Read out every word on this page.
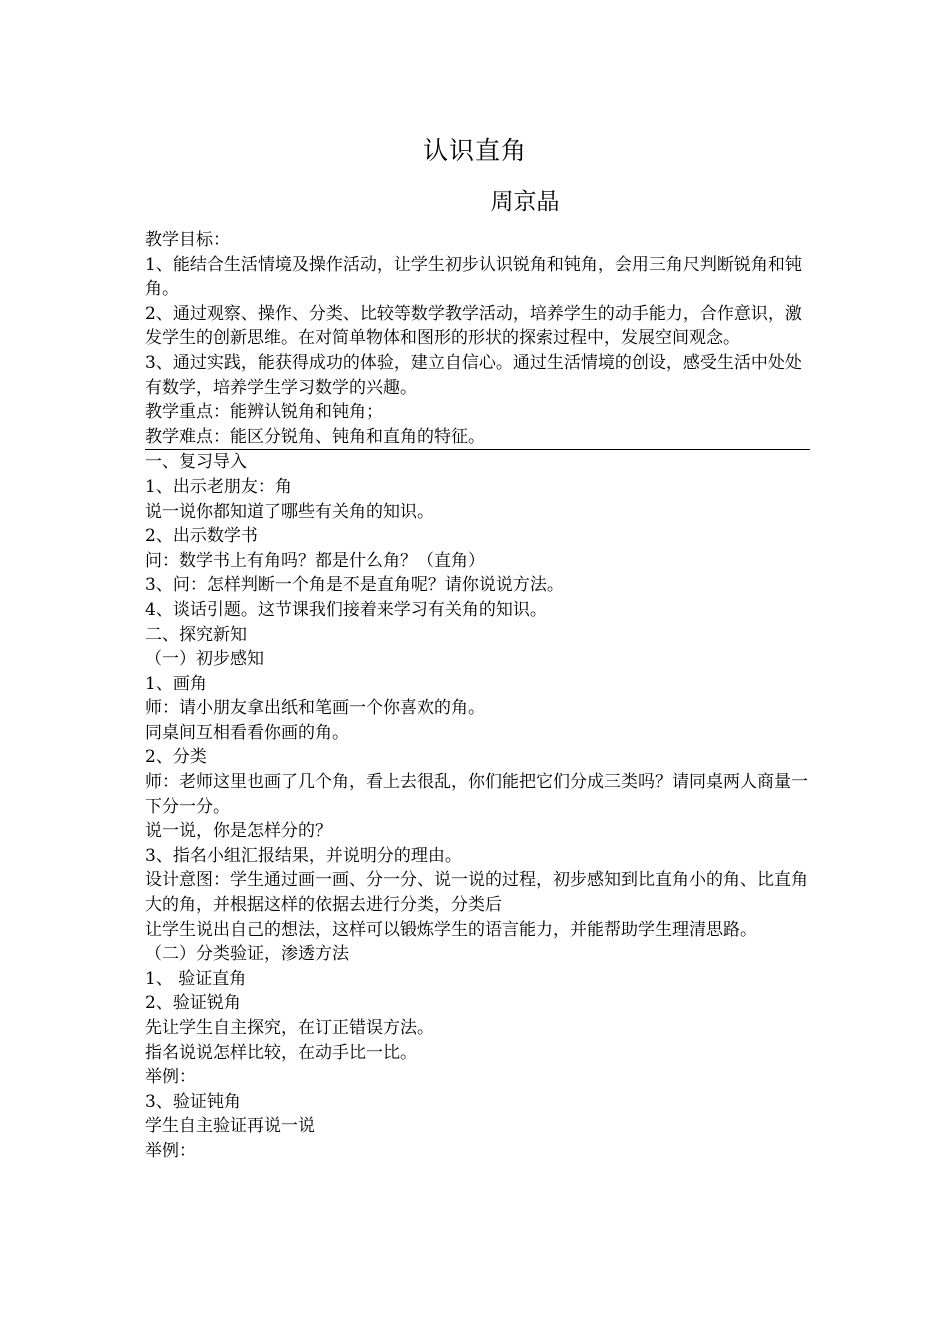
认识直角
周京晶

教学目标：

1、能结合生活情境及操作活动，让学生初步认识锐角和钝角，会用三角尺判断锐角和钝角。

2、通过观察、操作、分类、比较等数学教学活动，培养学生的动手能力，合作意识，激发学生的创新思维。在对简单物体和图形的形状的探索过程中，发展空间观念。

3、通过实践，能获得成功的体验，建立自信心。通过生活情境的创设，感受生活中处处有数学，培养学生学习数学的兴趣。

教学重点：能辨认锐角和钝角；

教学难点：能区分锐角、钝角和直角的特征。

一、复习导入

1、出示老朋友：角

说一说你都知道了哪些有关角的知识。

2、出示数学书

问：数学书上有角吗？都是什么角？（直角）

3、问：怎样判断一个角是不是直角呢？请你说说方法。

4、谈话引题。这节课我们接着来学习有关角的知识。

二、探究新知

（一）初步感知

1、画角

师：请小朋友拿出纸和笔画一个你喜欢的角。

同桌间互相看看你画的角。

2、分类

师：老师这里也画了几个角，看上去很乱，你们能把它们分成三类吗？请同桌两人商量一下分一分。

说一说，你是怎样分的？

3、指名小组汇报结果，并说明分的理由。

设计意图：学生通过画一画、分一分、说一说的过程，初步感知到比直角小的角、比直角大的角，并根据这样的依据去进行分类，分类后

让学生说出自己的想法，这样可以锻炼学生的语言能力，并能帮助学生理清思路。

（二）分类验证，渗透方法

1、 验证直角

2、验证锐角

先让学生自主探究，在订正错误方法。

指名说说怎样比较，在动手比一比。

举例：

3、验证钝角

学生自主验证再说一说

举例：
